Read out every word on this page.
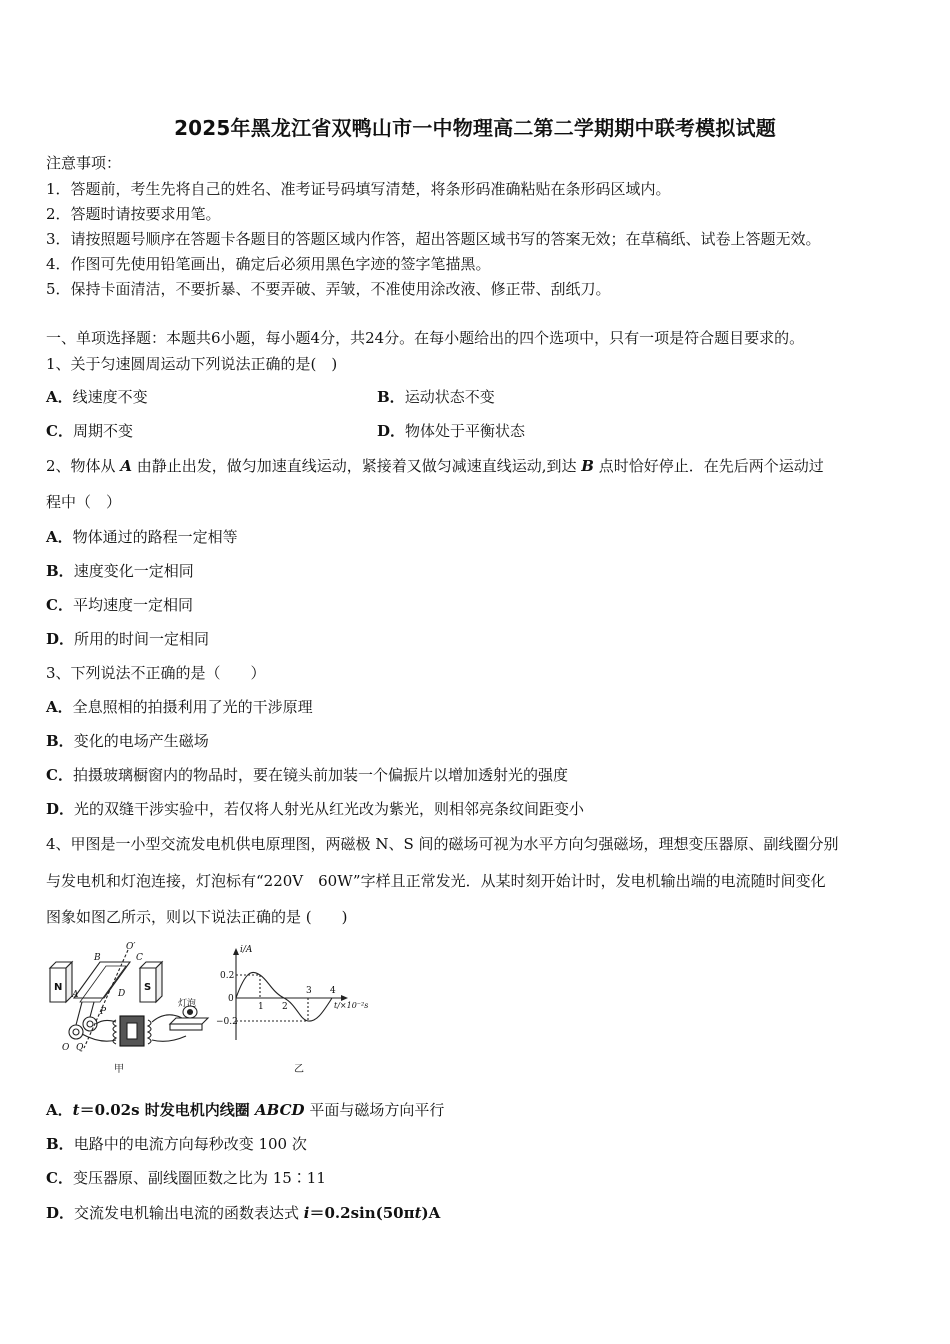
2025年黑龙江省双鸭山市一中物理高二第二学期期中联考模拟试题
注意事项：
1．答题前，考生先将自己的姓名、准考证号码填写清楚，将条形码准确粘贴在条形码区域内。
2．答题时请按要求用笔。
3．请按照题号顺序在答题卡各题目的答题区域内作答，超出答题区域书写的答案无效；在草稿纸、试卷上答题无效。
4．作图可先使用铅笔画出，确定后必须用黑色字迹的签字笔描黑。
5．保持卡面清洁，不要折暴、不要弄破、弄皱，不准使用涂改液、修正带、刮纸刀。
一、单项选择题：本题共6小题，每小题4分，共24分。在每小题给出的四个选项中，只有一项是符合题目要求的。
1、关于匀速圆周运动下列说法正确的是(　)
A．线速度不变	B．运动状态不变
C．周期不变	D．物体处于平衡状态
2、物体从 A 由静止出发，做匀加速直线运动，紧接着又做匀减速直线运动,到达 B 点时恰好停止．在先后两个运动过
程中（　）
A．物体通过的路程一定相等
B．速度变化一定相同
C．平均速度一定相同
D．所用的时间一定相同
3、下列说法不正确的是（　　）
A．全息照相的拍摄利用了光的干涉原理
B．变化的电场产生磁场
C．拍摄玻璃橱窗内的物品时，要在镜头前加装一个偏振片以增加透射光的强度
D．光的双缝干涉实验中，若仅将人射光从红光改为紫光，则相邻亮条纹间距变小
4、甲图是一小型交流发电机供电原理图，两磁极 N、S 间的磁场可视为水平方向匀强磁场，理想变压器原、副线圈分别
与发电机和灯泡连接，灯泡标有“220V　60W”字样且正常发光．从某时刻开始计时，发电机输出端的电流随时间变化
图象如图乙所示，则以下说法正确的是 (　　)
O′
B	C
A	D
P
O Q
N	S
灯泡
i/A
0.2
0
−0.2
1 2
3 4
t/×10⁻²s
甲	乙
A．t＝0.02s 时发电机内线圈 ABCD 平面与磁场方向平行
B．电路中的电流方向每秒改变 100 次
C．变压器原、副线圈匝数之比为 15∶11
D．交流发电机输出电流的函数表达式 i＝0.2sin(50πt)A
